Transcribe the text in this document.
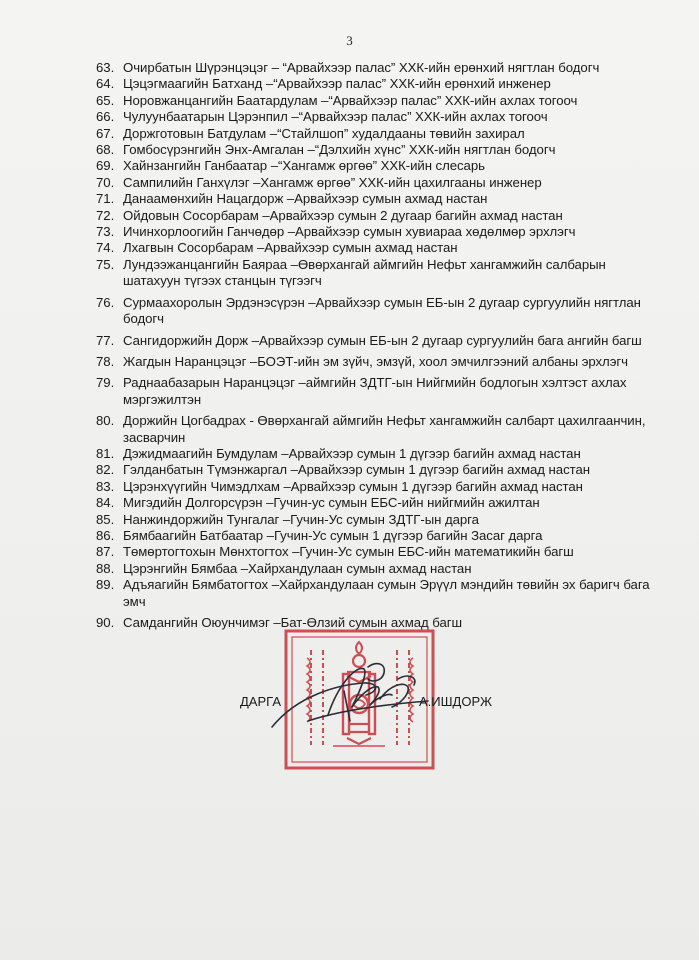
3
63. Очирбатын Шүрэнцэцэг – “Арвайхээр палас” ХХК-ийн ерөнхий нягтлан бодогч
64. Цэцэгмаагийн Батханд –“Арвайхээр палас” ХХК-ийн ерөнхий инженер
65. Норовжанцангийн Баатардулам –“Арвайхээр палас” ХХК-ийн ахлах тогооч
66. Чулуунбаатарын Цэрэнпил –“Арвайхээр палас” ХХК-ийн ахлах тогооч
67. Доржготовын Батдулам –“Стайлшоп” худалдааны төвийн захирал
68. Гомбосүрэнгийн Энх-Амгалан –“Дэлхийн хүнс” ХХК-ийн нягтлан бодогч
69. Хайнзангийн Ганбаатар –“Хангамж өргөө” ХХК-ийн слесарь
70. Сампилийн Ганхүлэг –Хангамж өргөө” ХХК-ийн цахилгааны инженер
71. Данаамөнхийн Нацагдорж –Арвайхээр сумын ахмад настан
72. Ойдовын Сосорбарам –Арвайхээр сумын 2 дугаар багийн ахмад настан
73. Ичинхорлоогийн Ганчөдөр –Арвайхээр сумын хувиараа хөдөлмөр эрхлэгч
74. Лхагвын Сосорбарам –Арвайхээр сумын ахмад настан
75. Лундээжанцангийн Баяраа –Өвөрхангай аймгийн Нефьт хангамжийн салбарын шатахуун түгээх станцын түгээгч
76. Сурмаахоролын Эрдэнэсүрэн –Арвайхээр сумын ЕБ-ын 2 дугаар сургуулийн нягтлан бодогч
77. Сангидоржийн Дорж –Арвайхээр сумын ЕБ-ын 2 дугаар сургуулийн бага ангийн багш
78. Жагдын Наранцэцэг –БОЭТ-ийн эм зүйч, эмзүй, хоол эмчилгээний албаны эрхлэгч
79. Раднаабазарын Наранцэцэг –аймгийн ЗДТГ-ын Нийгмийн бодлогын хэлтэст ахлах мэргэжилтэн
80. Доржийн Цогбадрах - Өвөрхангай аймгийн Нефьт хангамжийн салбарт цахилгаанчин, засварчин
81. Дэжидмаагийн Бумдулам –Арвайхээр сумын 1 дүгээр багийн ахмад настан
82. Гэлданбатын Түмэнжаргал –Арвайхээр сумын 1 дүгээр багийн ахмад настан
83. Цэрэнхүүгийн Чимэдлхам –Арвайхээр сумын 1 дүгээр багийн ахмад настан
84. Мигэдийн Долгорсүрэн –Гучин-ус сумын ЕБС-ийн нийгмийн ажилтан
85. Нанжиндоржийн Тунгалаг –Гучин-Ус сумын ЗДТГ-ын дарга
86. Бямбаагийн Батбаатар –Гучин-Ус сумын 1 дүгээр багийн Засаг дарга
87. Төмөртогтохын Мөнхтогтох –Гучин-Ус сумын ЕБС-ийн математикийн багш
88. Цэрэнгийн Бямбаа –Хайрхандулаан сумын ахмад настан
89. Адъяагийн Бямбатогтох –Хайрхандулаан сумын Эрүүл мэндийн төвийн эх баригч бага эмч
90. Самдангийн Оюунчимэг –Бат-Өлзий сумын ахмад багш
ДАРГА	А.ИШДОРЖ
